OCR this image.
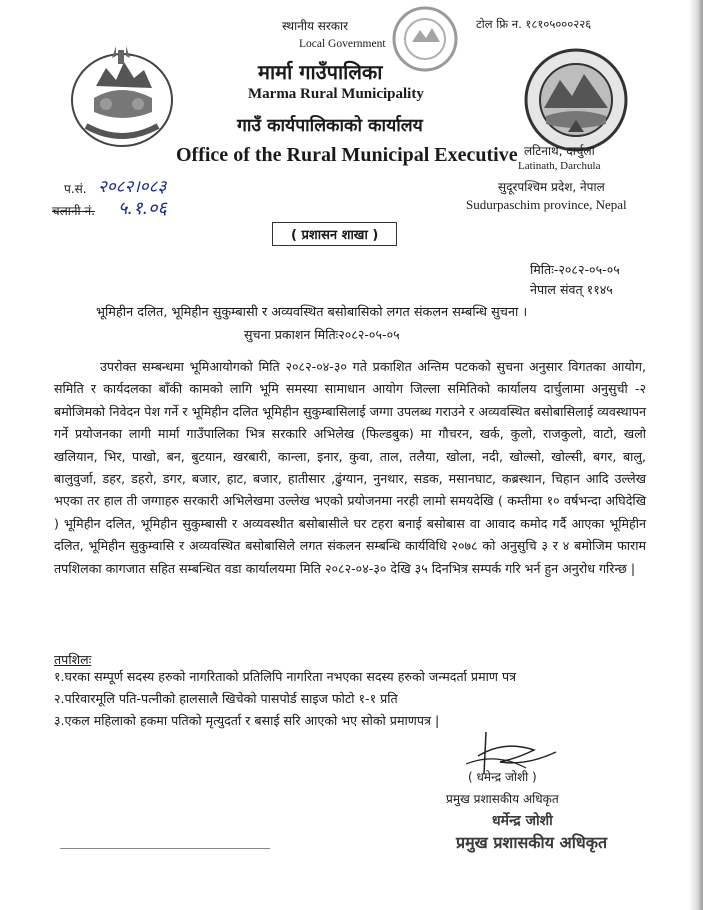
स्थानीय सरकार
Local Government
टोल फ्रि न. १८१०५०००२२६
मार्मा गाउँपालिका
Marma Rural Municipality
गाउँ कार्यपालिकाको कार्यालय
Office of the Rural Municipal Executive लटिनाथ, दार्चुला
Latinath, Darchula
सुदूरपश्चिम प्रदेश, नेपाल
Sudurpaschim province, Nepal
प.सं. २०८२।०८३
चलानी नं. ५.१.०६
( प्रशासन शाखा )
मितिः-२०८२-०५-०५
नेपाल संवत् ११४५
भूमिहीन दलित, भूमिहीन सुकुम्बासी र अव्यवस्थित बसोबासिको लगत संकलन सम्बन्धि सुचना ।
सुचना प्रकाशन मितिः२०८२-०५-०५
उपरोक्त सम्बन्धमा भूमिआयोगको मिति २०८२-०४-३० गते प्रकाशित अन्तिम पटकको सुचना अनुसार विगतका आयोग, समिति र कार्यदलका बाँकी कामको लागि भूमि समस्या सामाधान आयोग जिल्ला समितिको कार्यालय दार्चुलामा अनुसुची -२ बमोजिमको निवेदन पेश गर्ने र भूमिहीन दलित भूमिहीन सुकुम्बासिलाई जग्गा उपलब्ध गराउने र अव्यवस्थित बसोबासिलाई व्यवस्थापन गर्ने प्रयोजनका लागी मार्मा गाउँपालिका भित्र सरकारि अभिलेख (फिल्डबुक) मा गौचरन, खर्क, कुलो, राजकुलो, वाटो, खलो खलियान, भिर, पाखो, बन, बुटयान, खरबारी, कान्ला, इनार, कुवा, ताल, तलैया, खोला, नदी, खोल्सो, खोल्सी, बगर, बालु, बालुवुर्जा, डहर, डहरो, डगर, बजार, हाट, बजार, हातीसार ,ढुंग्यान, नुनथार, सडक, मसानघाट, कब्रस्थान, चिहान आदि उल्लेख भएका तर हाल ती जग्गाहरु सरकारी अभिलेखमा उल्लेख भएको प्रयोजनमा नरही लामो समयदेखि ( कम्तीमा १० वर्षभन्दा अघिदेखि ) भूमिहीन दलित, भूमिहीन सुकुम्बासी र अव्यवस्थीत बसोबासीले घर टहरा बनाई बसोबास वा आवाद कमोद गर्दै आएका भूमिहीन दलित, भूमिहीन सुकुम्वासि र अव्यवस्थित बसोबासिले लगत संकलन सम्बन्धि कार्यविधि २०७८ को अनुसुचि ३ र ४ बमोजिम फाराम तपशिलका कागजात सहित सम्बन्धित वडा कार्यालयमा मिति २०८२-०४-३० देखि ३५ दिनभित्र सम्पर्क गरि भर्न हुन अनुरोध गरिन्छ |
तपशिलः
१.घरका सम्पूर्ण सदस्य हरुको नागरिताको प्रतिलिपि नागरिता नभएका सदस्य हरुको जन्मदर्ता प्रमाण पत्र
२.परिवारमूलि पति-पत्नीको हालसालै खिचेको पासपोर्ड साइज फोटो १-१ प्रति
३.एकल महिलाको हकमा पतिको मृत्युदर्ता र बसाई सरि आएको भए सोको प्रमाणपत्र |
( धमेन्द्र जोशी )
प्रमुख प्रशासकीय अधिकृत
धर्मेन्द्र जोशी
प्रमुख प्रशासकीय अधिकृत
